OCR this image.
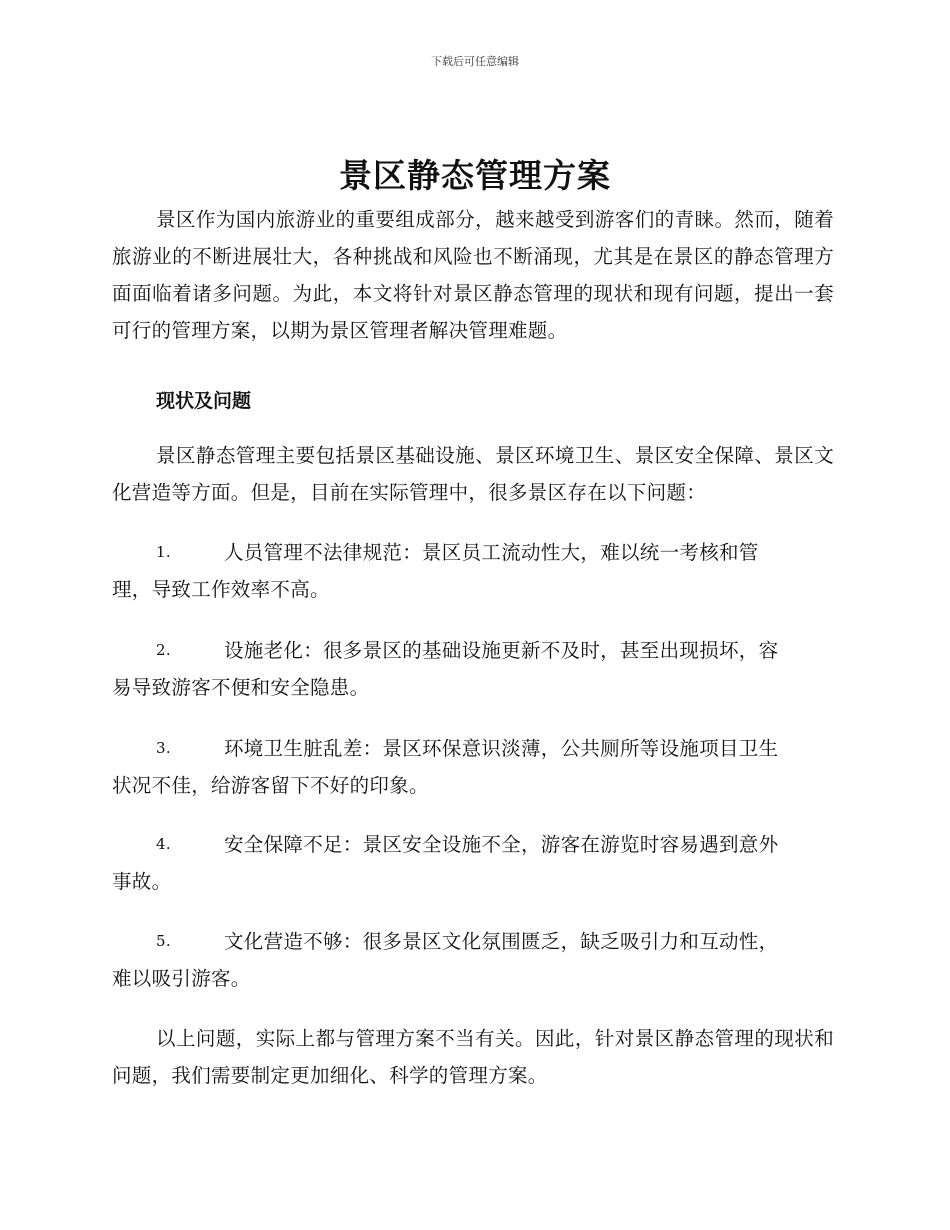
下载后可任意编辑
景区静态管理方案

景区作为国内旅游业的重要组成部分，越来越受到游客们的青睐。然而，随着旅游业的不断进展壮大，各种挑战和风险也不断涌现，尤其是在景区的静态管理方面面临着诸多问题。为此，本文将针对景区静态管理的现状和现有问题，提出一套可行的管理方案，以期为景区管理者解决管理难题。

现状及问题

景区静态管理主要包括景区基础设施、景区环境卫生、景区安全保障、景区文化营造等方面。但是，目前在实际管理中，很多景区存在以下问题：

1.	人员管理不法律规范：景区员工流动性大，难以统一考核和管
理，导致工作效率不高。
2.	设施老化：很多景区的基础设施更新不及时，甚至出现损坏，容
易导致游客不便和安全隐患。
3.	环境卫生脏乱差：景区环保意识淡薄，公共厕所等设施项目卫生
状况不佳，给游客留下不好的印象。
4.	安全保障不足：景区安全设施不全，游客在游览时容易遇到意外
事故。
5.	文化营造不够：很多景区文化氛围匮乏，缺乏吸引力和互动性，
难以吸引游客。

以上问题，实际上都与管理方案不当有关。因此，针对景区静态管理的现状和问题，我们需要制定更加细化、科学的管理方案。
